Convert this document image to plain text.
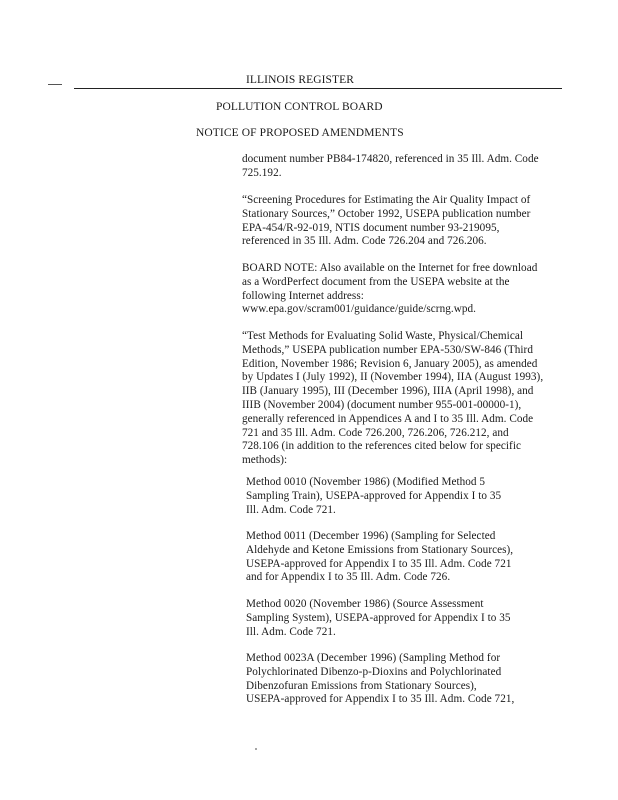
ILLINOIS REGISTER
POLLUTION CONTROL BOARD
NOTICE OF PROPOSED AMENDMENTS
document number PB84-174820, referenced in 35 Ill. Adm. Code
725.192.
“Screening Procedures for Estimating the Air Quality Impact of
Stationary Sources,” October 1992, USEPA publication number
EPA-454/R-92-019, NTIS document number 93-219095,
referenced in 35 Ill. Adm. Code 726.204 and 726.206.
BOARD NOTE: Also available on the Internet for free download
as a WordPerfect document from the USEPA website at the
following Internet address:
www.epa.gov/scram001/guidance/guide/scrng.wpd.
“Test Methods for Evaluating Solid Waste, Physical/Chemical
Methods,” USEPA publication number EPA-530/SW-846 (Third
Edition, November 1986; Revision 6, January 2005), as amended
by Updates I (July 1992), II (November 1994), IIA (August 1993),
IIB (January 1995), III (December 1996), IIIA (April 1998), and
IIIB (November 2004) (document number 955-001-00000-1),
generally referenced in Appendices A and I to 35 Ill. Adm. Code
721 and 35 Ill. Adm. Code 726.200, 726.206, 726.212, and
728.106 (in addition to the references cited below for specific
methods):
Method 0010 (November 1986) (Modified Method 5
Sampling Train), USEPA-approved for Appendix I to 35
Ill. Adm. Code 721.
Method 0011 (December 1996) (Sampling for Selected
Aldehyde and Ketone Emissions from Stationary Sources),
USEPA-approved for Appendix I to 35 Ill. Adm. Code 721
and for Appendix I to 35 Ill. Adm. Code 726.
Method 0020 (November 1986) (Source Assessment
Sampling System), USEPA-approved for Appendix I to 35
Ill. Adm. Code 721.
Method 0023A (December 1996) (Sampling Method for
Polychlorinated Dibenzo-p-Dioxins and Polychlorinated
Dibenzofuran Emissions from Stationary Sources),
USEPA-approved for Appendix I to 35 Ill. Adm. Code 721,
